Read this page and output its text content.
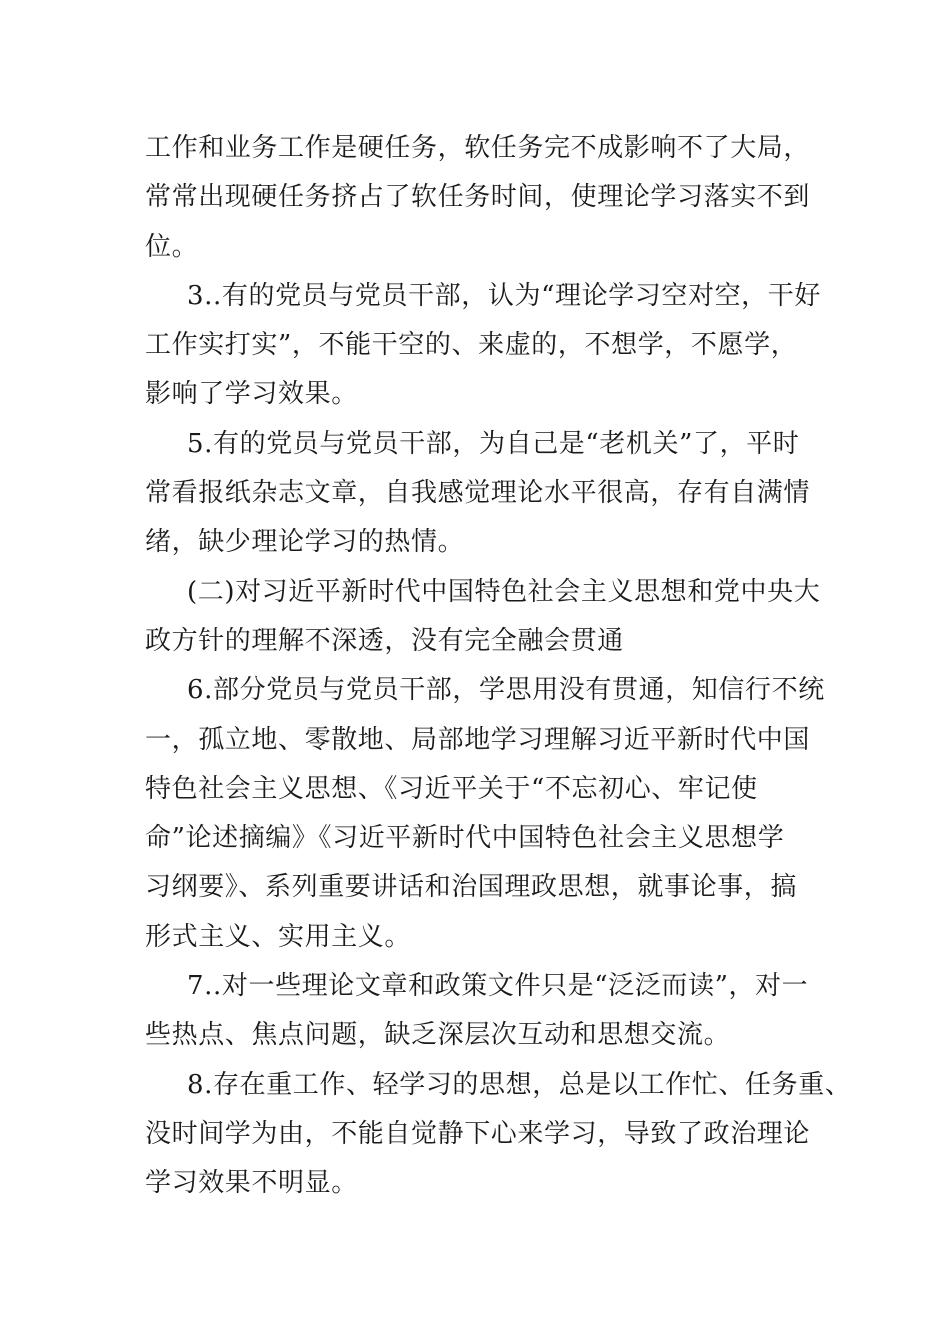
工作和业务工作是硬任务，软任务完不成影响不了大局，
常常出现硬任务挤占了软任务时间，使理论学习落实不到
位。
3..有的党员与党员干部，认为“理论学习空对空，干好
工作实打实”，不能干空的、来虚的，不想学，不愿学，
影响了学习效果。
5.有的党员与党员干部，为自己是“老机关”了，平时
常看报纸杂志文章，自我感觉理论水平很高，存有自满情
绪，缺少理论学习的热情。
(二)对习近平新时代中国特色社会主义思想和党中央大
政方针的理解不深透，没有完全融会贯通
6.部分党员与党员干部，学思用没有贯通，知信行不统
一，孤立地、零散地、局部地学习理解习近平新时代中国
特色社会主义思想、《习近平关于“不忘初心、牢记使
命”论述摘编》《习近平新时代中国特色社会主义思想学
习纲要》、系列重要讲话和治国理政思想，就事论事，搞
形式主义、实用主义。
7..对一些理论文章和政策文件只是“泛泛而读”，对一
些热点、焦点问题，缺乏深层次互动和思想交流。
8.存在重工作、轻学习的思想，总是以工作忙、任务重、
没时间学为由，不能自觉静下心来学习，导致了政治理论
学习效果不明显。
